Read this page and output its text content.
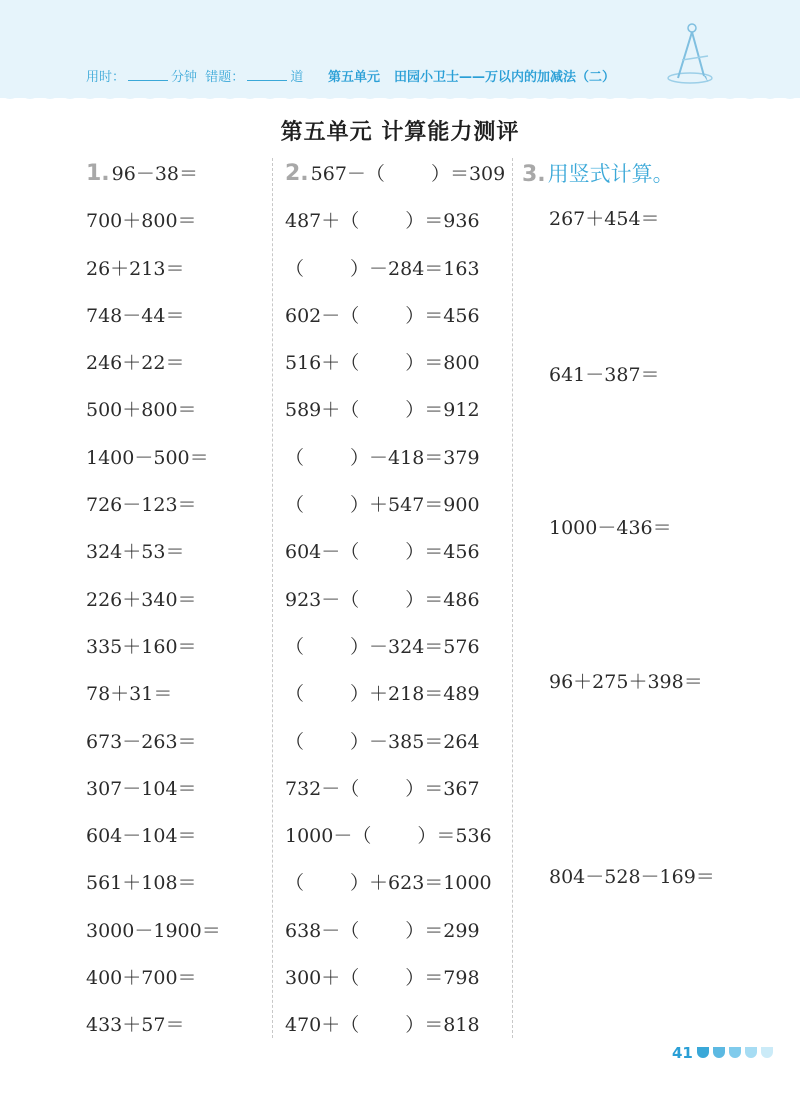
用时：	分钟 错题：	道 第五单元 田园小卫士——万以内的加减法（二）
第五单元 计算能力测评
1. 96－38＝
700＋800＝
26＋213＝
748－44＝
246＋22＝
500＋800＝
1400－500＝
726－123＝
324＋53＝
226＋340＝
335＋160＝
78＋31＝
673－263＝
307－104＝
604－104＝
561＋108＝
3000－1900＝
400＋700＝
433＋57＝
2. 567－（ ）＝309
487＋（ ）＝936
（ ）－284＝163
602－（ ）＝456
516＋（ ）＝800
589＋（ ）＝912
（ ）－418＝379
（ ）＋547＝900
604－（ ）＝456
923－（ ）＝486
（ ）－324＝576
（ ）＋218＝489
（ ）－385＝264
732－（ ）＝367
1000－（ ）＝536
（ ）＋623＝1000
638－（ ）＝299
300＋（ ）＝798
470＋（ ）＝818
3.用竖式计算。
267＋454＝
641－387＝
1000－436＝
96＋275＋398＝
804－528－169＝
41
